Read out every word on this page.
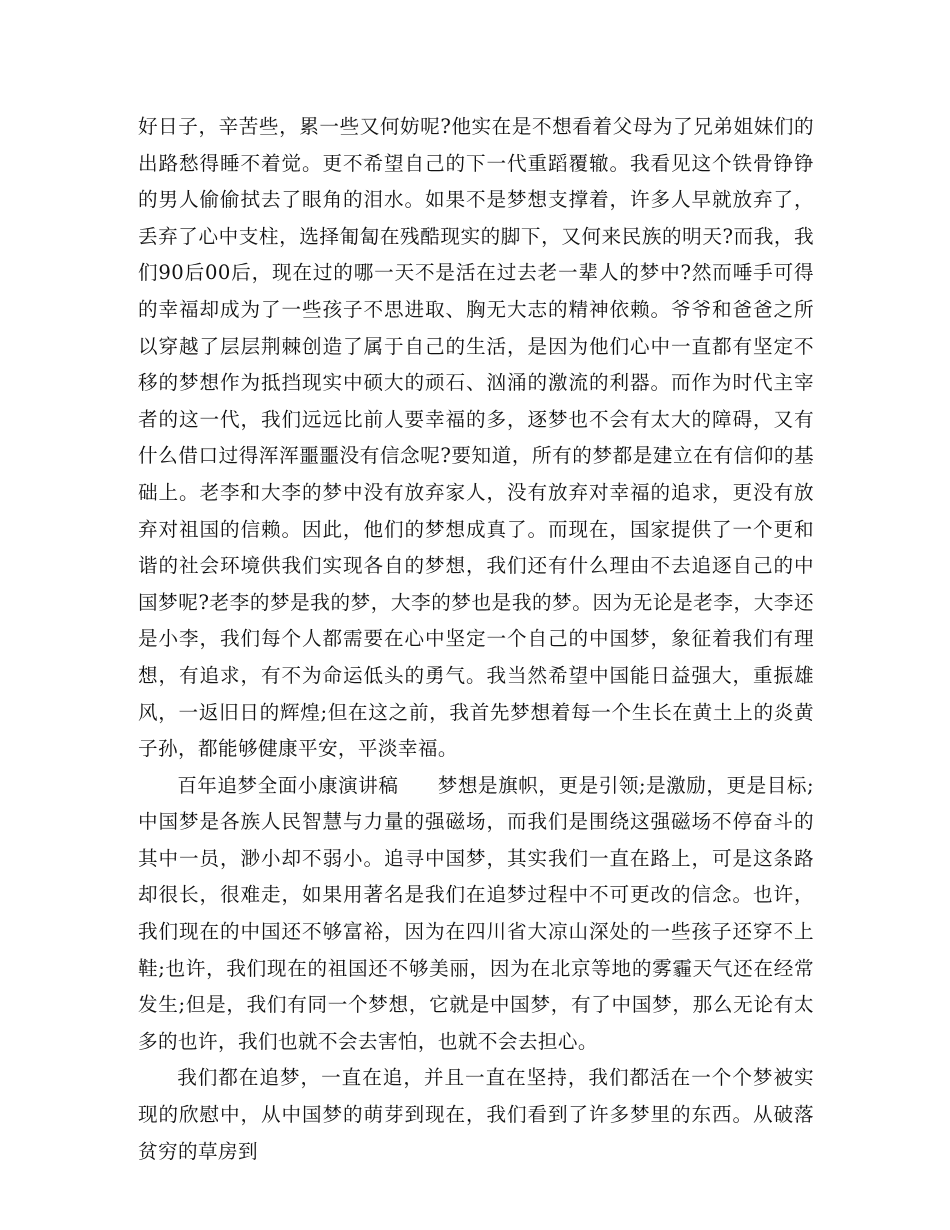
好日子，辛苦些，累一些又何妨呢?他实在是不想看着父母为了兄弟姐妹们的出路愁得睡不着觉。更不希望自己的下一代重蹈覆辙。我看见这个铁骨铮铮的男人偷偷拭去了眼角的泪水。如果不是梦想支撑着，许多人早就放弃了，丢弃了心中支柱，选择匍匐在残酷现实的脚下，又何来民族的明天?而我，我们90后00后，现在过的哪一天不是活在过去老一辈人的梦中?然而唾手可得的幸福却成为了一些孩子不思进取、胸无大志的精神依赖。爷爷和爸爸之所以穿越了层层荆棘创造了属于自己的生活，是因为他们心中一直都有坚定不移的梦想作为抵挡现实中硕大的顽石、汹涌的激流的利器。而作为时代主宰者的这一代，我们远远比前人要幸福的多，逐梦也不会有太大的障碍，又有什么借口过得浑浑噩噩没有信念呢?要知道，所有的梦都是建立在有信仰的基础上。老李和大李的梦中没有放弃家人，没有放弃对幸福的追求，更没有放弃对祖国的信赖。因此，他们的梦想成真了。而现在，国家提供了一个更和谐的社会环境供我们实现各自的梦想，我们还有什么理由不去追逐自己的中国梦呢?老李的梦是我的梦，大李的梦也是我的梦。因为无论是老李，大李还是小李，我们每个人都需要在心中坚定一个自己的中国梦，象征着我们有理想，有追求，有不为命运低头的勇气。我当然希望中国能日益强大，重振雄风，一返旧日的辉煌;但在这之前，我首先梦想着每一个生长在黄土上的炎黄子孙，都能够健康平安，平淡幸福。

百年追梦全面小康演讲稿 梦想是旗帜，更是引领;是激励，更是目标;中国梦是各族人民智慧与力量的强磁场，而我们是围绕这强磁场不停奋斗的其中一员，渺小却不弱小。追寻中国梦，其实我们一直在路上，可是这条路却很长，很难走，如果用著名是我们在追梦过程中不可更改的信念。也许，我们现在的中国还不够富裕，因为在四川省大凉山深处的一些孩子还穿不上鞋;也许，我们现在的祖国还不够美丽，因为在北京等地的雾霾天气还在经常发生;但是，我们有同一个梦想，它就是中国梦，有了中国梦，那么无论有太多的也许，我们也就不会去害怕，也就不会去担心。

我们都在追梦，一直在追，并且一直在坚持，我们都活在一个个梦被实现的欣慰中，从中国梦的萌芽到现在，我们看到了许多梦里的东西。从破落贫穷的草房到
